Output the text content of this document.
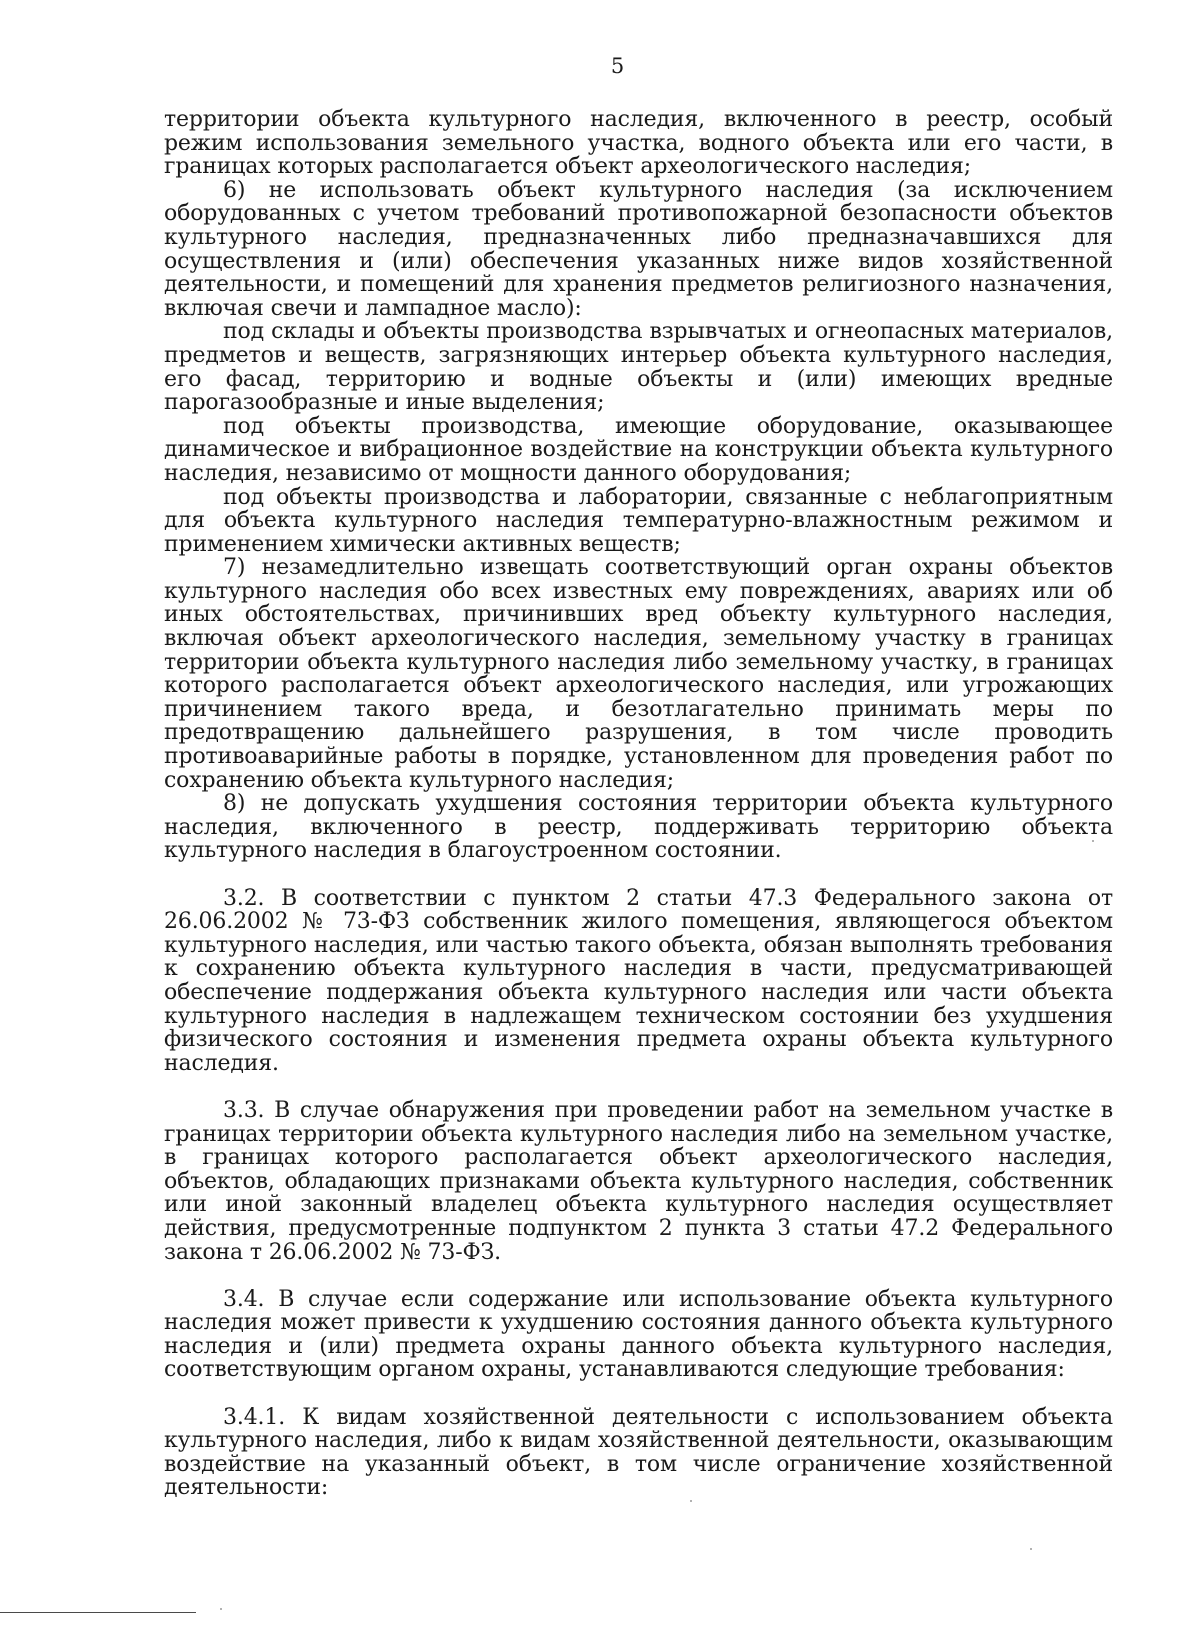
5

территории объекта культурного наследия, включенного в реестр, особый режим использования земельного участка, водного объекта или его части, в границах которых располагается объект археологического наследия;

6) не использовать объект культурного наследия (за исключением оборудованных с учетом требований противопожарной безопасности объектов культурного наследия, предназначенных либо предназначавшихся для осуществления и (или) обеспечения указанных ниже видов хозяйственной деятельности, и помещений для хранения предметов религиозного назначения, включая свечи и лампадное масло):

под склады и объекты производства взрывчатых и огнеопасных материалов, предметов и веществ, загрязняющих интерьер объекта культурного наследия, его фасад, территорию и водные объекты и (или) имеющих вредные парогазообразные и иные выделения;

под объекты производства, имеющие оборудование, оказывающее динамическое и вибрационное воздействие на конструкции объекта культурного наследия, независимо от мощности данного оборудования;

под объекты производства и лаборатории, связанные с неблагоприятным для объекта культурного наследия температурно-влажностным режимом и применением химически активных веществ;

7) незамедлительно извещать соответствующий орган охраны объектов культурного наследия обо всех известных ему повреждениях, авариях или об иных обстоятельствах, причинивших вред объекту культурного наследия, включая объект археологического наследия, земельному участку в границах территории объекта культурного наследия либо земельному участку, в границах которого располагается объект археологического наследия, или угрожающих причинением такого вреда, и безотлагательно принимать меры по предотвращению дальнейшего разрушения, в том числе проводить противоаварийные работы в порядке, установленном для проведения работ по сохранению объекта культурного наследия;

8) не допускать ухудшения состояния территории объекта культурного наследия, включенного в реестр, поддерживать территорию объекта культурного наследия в благоустроенном состоянии.

3.2. В соответствии с пунктом 2 статьи 47.3 Федерального закона от 26.06.2002 № 73-ФЗ собственник жилого помещения, являющегося объектом культурного наследия, или частью такого объекта, обязан выполнять требования к сохранению объекта культурного наследия в части, предусматривающей обеспечение поддержания объекта культурного наследия или части объекта культурного наследия в надлежащем техническом состоянии без ухудшения физического состояния и изменения предмета охраны объекта культурного наследия.

3.3. В случае обнаружения при проведении работ на земельном участке в границах территории объекта культурного наследия либо на земельном участке, в границах которого располагается объект археологического наследия, объектов, обладающих признаками объекта культурного наследия, собственник или иной законный владелец объекта культурного наследия осуществляет действия, предусмотренные подпунктом 2 пункта 3 статьи 47.2 Федерального закона т 26.06.2002 № 73-ФЗ.

3.4. В случае если содержание или использование объекта культурного наследия может привести к ухудшению состояния данного объекта культурного наследия и (или) предмета охраны данного объекта культурного наследия, соответствующим органом охраны, устанавливаются следующие требования:

3.4.1. К видам хозяйственной деятельности с использованием объекта культурного наследия, либо к видам хозяйственной деятельности, оказывающим воздействие на указанный объект, в том числе ограничение хозяйственной деятельности:
